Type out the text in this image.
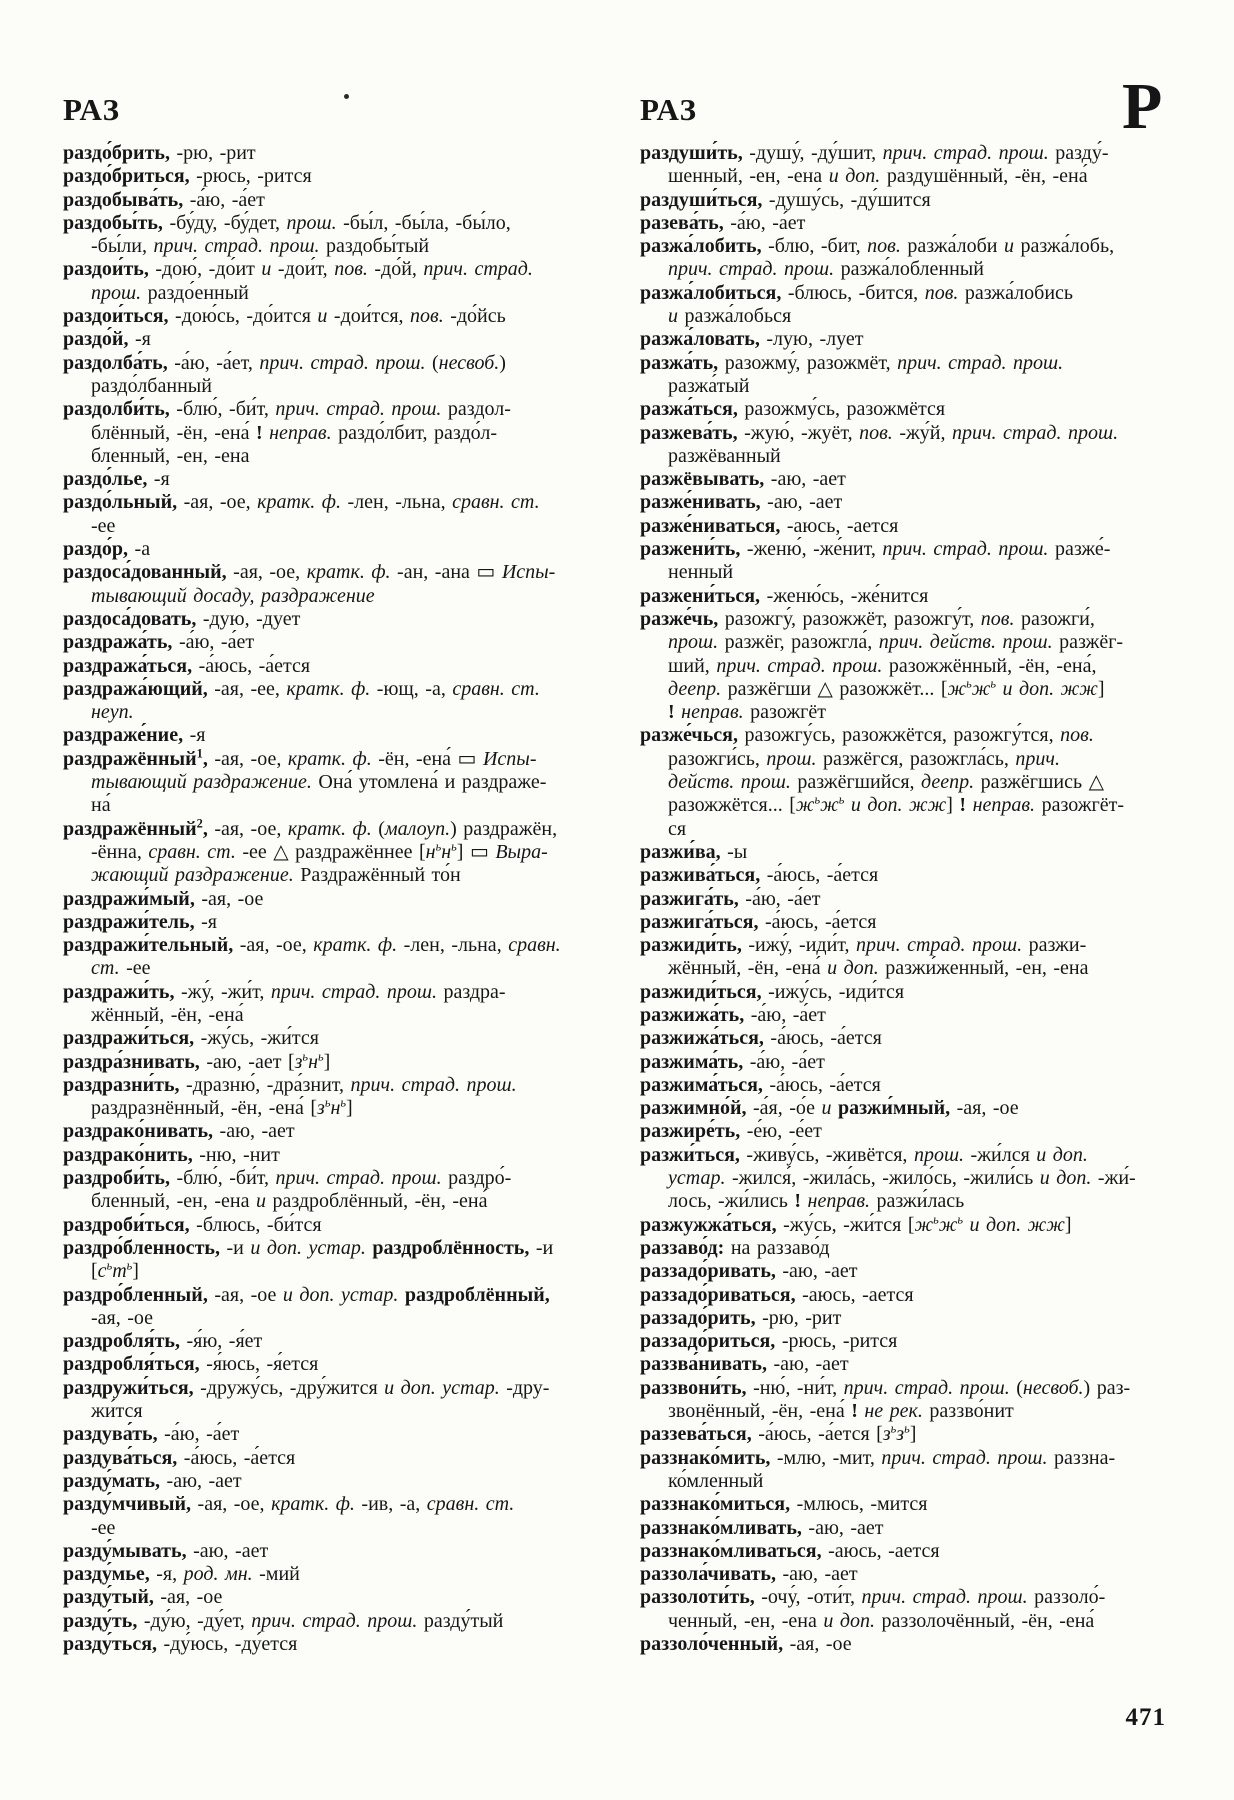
РАЗ	РАЗ	Р
раздо́брить, -рю, -рит
раздо́бриться, -рюсь, -рится
раздобыва́ть, -а́ю, -а́ет
раздобы́ть, -бу́ду, -бу́дет, прош. -бы́л, -бы́ла, -бы́ло,
-бы́ли, прич. страд. прош. раздобы́тый
раздои́ть, -дою́, -до́ит и -дои́т, пов. -до́й, прич. страд.
прош. раздо́енный
раздои́ться, -дою́сь, -до́ится и -дои́тся, пов. -до́йсь
раздо́й, -я
раздолба́ть, -а́ю, -а́ет, прич. страд. прош. (несвоб.)
раздо́лбанный
раздолби́ть, -блю́, -би́т, прич. страд. прош. раздол-
блённый, -ён, -ена́ ! неправ. раздо́лбит, раздо́л-
бленный, -ен, -ена
раздо́лье, -я
раздо́льный, -ая, -ое, кратк. ф. -лен, -льна, сравн. ст.
-ее
раздо́р, -а
раздоса́дованный, -ая, -ое, кратк. ф. -ан, -ана ▭ Испы-
тывающий досаду, раздражение
раздоса́довать, -дую, -дует
раздража́ть, -а́ю, -а́ет
раздража́ться, -а́юсь, -а́ется
раздража́ющий, -ая, -ее, кратк. ф. -ющ, -а, сравн. ст.
неуп.
раздраже́ние, -я
раздражённый$^1$, -ая, -ое, кратк. ф. -ён, -ена́ ▭ Испы-
тывающий раздражение. Она́ утомлена́ и раздраже-
на́
раздражённый$^2$, -ая, -ое, кратк. ф. (малоуп.) раздражён,
-ённа, сравн. ст. -ее △ раздражённее $[н^ьн^ь]$ ▭ Выра-
жающий раздражение. Раздражённый то́н
раздражи́мый, -ая, -ое
раздражи́тель, -я
раздражи́тельный, -ая, -ое, кратк. ф. -лен, -льна, сравн.
ст. -ее
раздражи́ть, -жу́, -жи́т, прич. страд. прош. раздра-
жённый, -ён, -ена́
раздражи́ться, -жу́сь, -жи́тся
раздра́знивать, -аю, -ает $[з^ьн^ь]$
раздразни́ть, -дразню́, -дра́знит, прич. страд. прош.
раздразнённый, -ён, -ена́ $[з^ьн^ь]$
раздрако́нивать, -аю, -ает
раздрако́нить, -ню, -нит
раздроби́ть, -блю́, -би́т, прич. страд. прош. раздро́-
бленный, -ен, -ена и раздроблённый, -ён, -ена́
раздроби́ться, -блюсь, -би́тся
раздро́бленность, -и и доп. устар. раздроблённость, -и
$[с^ьт^ь]$
раздро́бленный, -ая, -ое и доп. устар. раздроблённый,
-ая, -ое
раздробля́ть, -я́ю, -я́ет
раздробля́ться, -я́юсь, -я́ется
раздружи́ться, -дружу́сь, -дру́жится и доп. устар. -дру-
жи́тся
раздува́ть, -а́ю, -а́ет
раздува́ться, -а́юсь, -а́ется
разду́мать, -аю, -ает
разду́мчивый, -ая, -ое, кратк. ф. -ив, -а, сравн. ст.
-ее
разду́мывать, -аю, -ает
разду́мье, -я, род. мн. -мий
разду́тый, -ая, -ое
разду́ть, -ду́ю, -ду́ет, прич. страд. прош. разду́тый
разду́ться, -ду́юсь, -ду́ется
раздуши́ть, -душу́, -ду́шит, прич. страд. прош. разду́-
шенный, -ен, -ена и доп. раздушённый, -ён, -ена́
раздуши́ться, -душу́сь, -ду́шится
разева́ть, -а́ю, -а́ет
разжа́лобить, -блю, -бит, пов. разжа́лоби и разжа́лобь,
прич. страд. прош. разжа́лобленный
разжа́лобиться, -блюсь, -бится, пов. разжа́лобись
и разжа́лобься
разжа́ловать, -лую, -лует
разжа́ть, разожму́, разожмёт, прич. страд. прош.
разжа́тый
разжа́ться, разожму́сь, разожмётся
разжева́ть, -жую́, -жуёт, пов. -жу́й, прич. страд. прош.
разжёванный
разжёвывать, -аю, -ает
разже́нивать, -аю, -ает
разже́ниваться, -аюсь, -ается
разжени́ть, -женю́, -же́нит, прич. страд. прош. разже́-
ненный
разжени́ться, -женю́сь, -же́нится
разже́чь, разожгу́, разожжёт, разожгу́т, пов. разожги́,
прош. разжёг, разожгла́, прич. действ. прош. разжёг-
ший, прич. страд. прош. разожжённый, -ён, -ена́,
деепр. разжёгши △ разожжёт... [$ж^ьж^ь$ и доп. жж]
! неправ. разожгёт
разже́чься, разожгу́сь, разожжётся, разожгу́тся, пов.
разожги́сь, прош. разжёгся, разожгла́сь, прич.
действ. прош. разжёгшийся, деепр. разжёгшись △
разожжётся... [$ж^ьж^ь$ и доп. жж] ! неправ. разожгёт-
ся
разжи́ва, -ы
разжива́ться, -а́юсь, -а́ется
разжига́ть, -а́ю, -а́ет
разжига́ться, -а́юсь, -а́ется
разжиди́ть, -ижу́, -иди́т, прич. страд. прош. разжи-
жённый, -ён, -ена́ и доп. разжи́женный, -ен, -ена
разжиди́ться, -ижу́сь, -иди́тся
разжижа́ть, -а́ю, -а́ет
разжижа́ться, -а́юсь, -а́ется
разжима́ть, -а́ю, -а́ет
разжима́ться, -а́юсь, -а́ется
разжимно́й, -а́я, -о́е и разжи́мный, -ая, -ое
разжире́ть, -е́ю, -е́ет
разжи́ться, -живу́сь, -живётся, прош. -жи́лся и доп.
устар. -жился́, -жила́сь, -жило́сь, -жили́сь и доп. -жи́-
лось, -жи́лись ! неправ. разжи́лась
разжужжа́ться, -жу́сь, -жи́тся [$ж^ьж^ь$ и доп. жж]
раззаво́д: на раззаво́д
раззадо́ривать, -аю, -ает
раззадо́риваться, -аюсь, -ается
раззадо́рить, -рю, -рит
раззадо́риться, -рюсь, -рится
раззва́нивать, -аю, -ает
раззвони́ть, -ню́, -ни́т, прич. страд. прош. (несвоб.) раз-
звонённый, -ён, -ена́ ! не рек. раззво́нит
раззева́ться, -а́юсь, -а́ется $[з^ьз^ь]$
раззнако́мить, -млю, -мит, прич. страд. прош. раззна-
ко́мленный
раззнако́миться, -млюсь, -мится
раззнако́мливать, -аю, -ает
раззнако́мливаться, -аюсь, -ается
раззола́чивать, -аю, -ает
раззолоти́ть, -очу́, -оти́т, прич. страд. прош. раззоло́-
ченный, -ен, -ена и доп. раззолочённый, -ён, -ена́
раззоло́ченный, -ая, -ое
471
